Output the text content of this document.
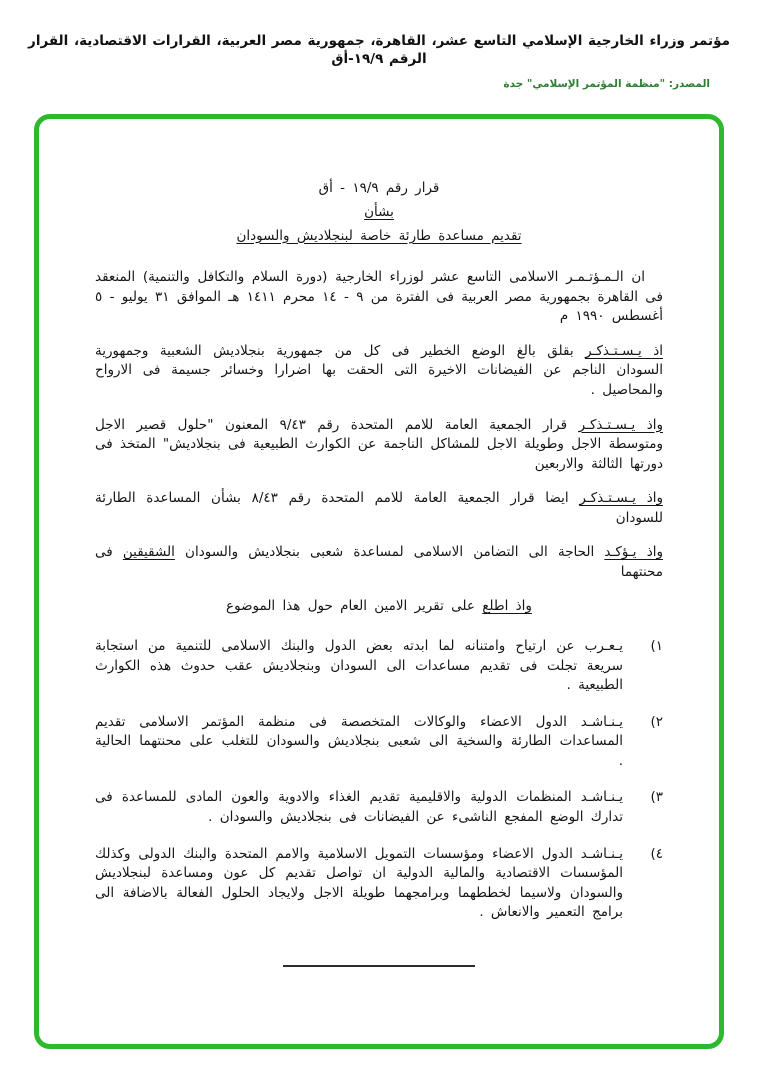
مؤتمر وزراء الخارجية الإسلامي التاسع عشر، القاهرة، جمهورية مصر العربية، القرارات الاقتصادية، القرار الرقم ١٩/٩-أق
المصدر: "منظمة المؤتمر الإسلامي" جدة
قرار رقم ١٩/٩ - أق
بشأن
تقديم مساعدة طارئة خاصة لبنجلاديش والسودان

ان الـمـؤتـمـر الاسلامى التاسع عشر لوزراء الخارجية (دورة السلام والتكافل والتنمية) المنعقد فى القاهرة بجمهورية مصر العربية فى الفترة من ٩ - ١٤ محرم ١٤١١ هـ الموافق ٣١ يوليو - ٥ أغسطس ١٩٩٠ م

اذ يـسـتـذكـر بقلق بالغ الوضع الخطير فى كل من جمهورية بنجلاديش الشعبية وجمهورية السودان الناجم عن الفيضانات الاخيرة التى الحقت بها اضرارا وخسائر جسيمة فى الارواح والمحاصيل .

واذ يـسـتـذكـر قرار الجمعية العامة للامم المتحدة رقم ٩/٤٣ المعنون "حلول قصير الاجل ومتوسطة الاجل وطويلة الاجل للمشاكل الناجمة عن الكوارث الطبيعية فى بنجلاديش" المتخذ فى دورتها الثالثة والاربعين

واذ يـسـتـذكـر ايضا قرار الجمعية العامة للامم المتحدة رقم ٨/٤٣ بشأن المساعدة الطارئة للسودان

واذ يـؤكـد الحاجة الى التضامن الاسلامى لمساعدة شعبى بنجلاديش والسودان الشقيقين فى محنتهما

واذ اطلع على تقرير الامين العام حول هذا الموضوع

١)
يـعـرب عن ارتياح وامتنانه لما ابدته بعض الدول والبنك الاسلامى للتنمية من استجابة سريعة تجلت فى تقديم مساعدات الى السودان وبنجلاديش عقب حدوث هذه الكوارث الطبيعية .
٢)
يـنـاشـد الدول الاعضاء والوكالات المتخصصة فى منظمة المؤتمر الاسلامى تقديم المساعدات الطارئة والسخية الى شعبى بنجلاديش والسودان للتغلب على محنتهما الحالية .
٣)
يـنـاشـد المنظمات الدولية والاقليمية تقديم الغذاء والادوية والعون المادى للمساعدة فى تدارك الوضع المفجع الناشىء عن الفيضانات فى بنجلاديش والسودان .
٤)
يـنـاشـد الدول الاعضاء ومؤسسات التمويل الاسلامية والامم المتحدة والبنك الدولى وكذلك المؤسسات الاقتصادية والمالية الدولية ان تواصل تقديم كل عون ومساعدة لبنجلاديش والسودان ولاسيما لخططهما وبرامجهما طويلة الاجل ولايجاد الحلول الفعالة بالاضافة الى برامج التعمير والانعاش .
